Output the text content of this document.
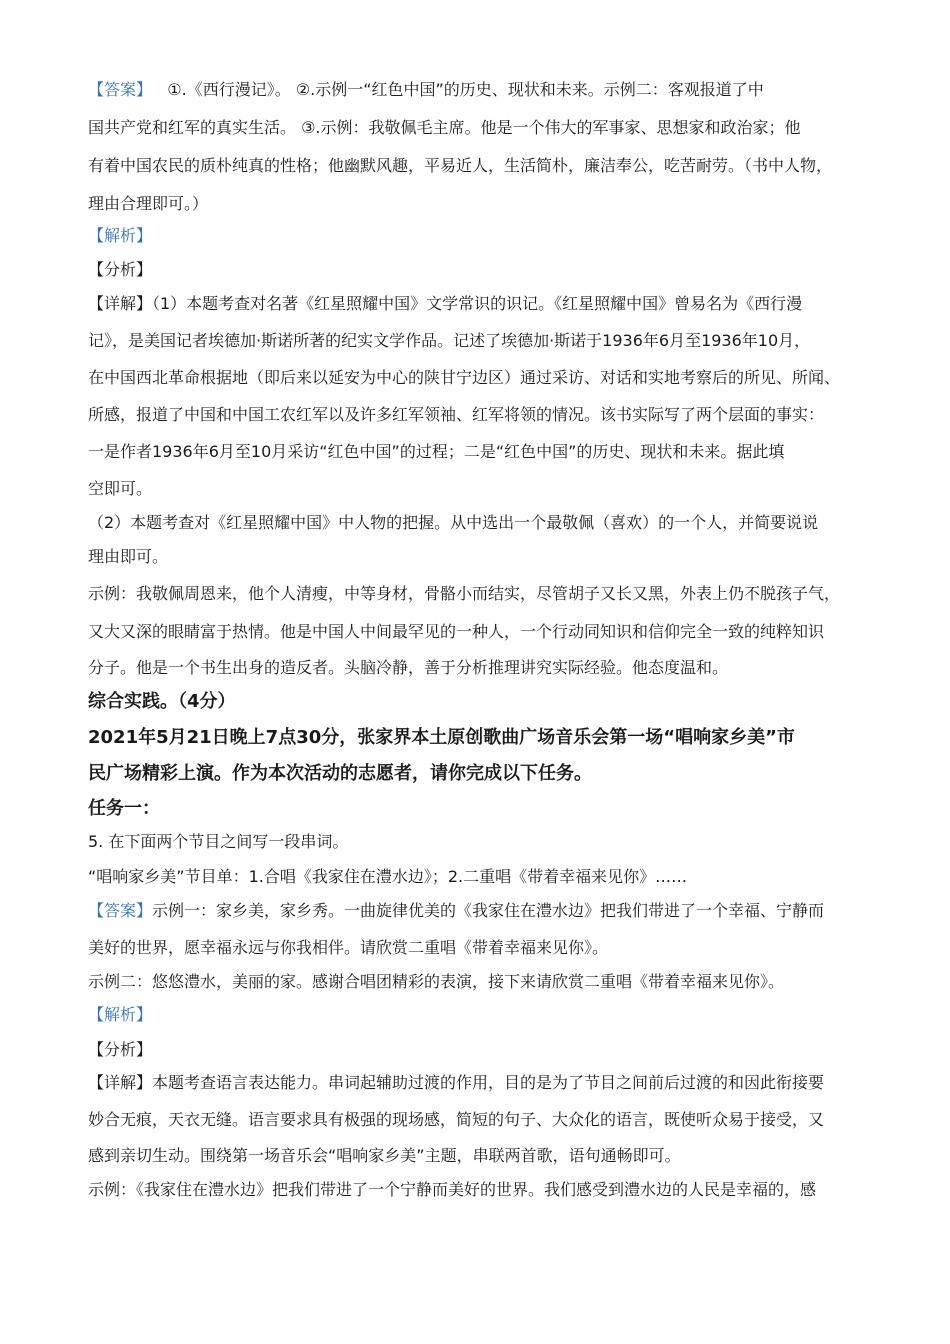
【答案】 ①.《西行漫记》。 ②.示例一“红色中国”的历史、现状和未来。示例二：客观报道了中

国共产党和红军的真实生活。 ③.示例：我敬佩毛主席。他是一个伟大的军事家、思想家和政治家；他

有着中国农民的质朴纯真的性格；他幽默风趣，平易近人，生活简朴，廉洁奉公，吃苦耐劳。（书中人物，

理由合理即可。）

【解析】

【分析】

【详解】（1）本题考查对名著《红星照耀中国》文学常识的识记。《红星照耀中国》曾易名为《西行漫

记》，是美国记者埃德加·斯诺所著的纪实文学作品。记述了埃德加·斯诺于1936年6月至1936年10月，

在中国西北革命根据地（即后来以延安为中心的陕甘宁边区）通过采访、对话和实地考察后的所见、所闻、

所感，报道了中国和中国工农红军以及许多红军领袖、红军将领的情况。该书实际写了两个层面的事实：

一是作者1936年6月至10月采访“红色中国”的过程；二是“红色中国”的历史、现状和未来。据此填

空即可。

（2）本题考查对《红星照耀中国》中人物的把握。从中选出一个最敬佩（喜欢）的一个人，并简要说说

理由即可。

示例：我敬佩周恩来，他个人清瘦，中等身材，骨骼小而结实，尽管胡子又长又黑，外表上仍不脱孩子气，

又大又深的眼睛富于热情。他是中国人中间最罕见的一种人，一个行动同知识和信仰完全一致的纯粹知识

分子。他是一个书生出身的造反者。头脑冷静，善于分析推理讲究实际经验。他态度温和。

综合实践。（4分）

2021年5月21日晚上7点30分，张家界本土原创歌曲广场音乐会第一场“唱响家乡美”市

民广场精彩上演。作为本次活动的志愿者，请你完成以下任务。

任务一：

5. 在下面两个节目之间写一段串词。

“唱响家乡美”节目单：1.合唱《我家住在澧水边》；2.二重唱《带着幸福来见你》……

【答案】示例一：家乡美，家乡秀。一曲旋律优美的《我家住在澧水边》把我们带进了一个幸福、宁静而

美好的世界，愿幸福永远与你我相伴。请欣赏二重唱《带着幸福来见你》。

示例二：悠悠澧水，美丽的家。感谢合唱团精彩的表演，接下来请欣赏二重唱《带着幸福来见你》。

【解析】

【分析】

【详解】本题考查语言表达能力。串词起辅助过渡的作用，目的是为了节目之间前后过渡的和因此衔接要

妙合无痕，天衣无缝。语言要求具有极强的现场感，简短的句子、大众化的语言，既使听众易于接受，又

感到亲切生动。围绕第一场音乐会“唱响家乡美”主题，串联两首歌，语句通畅即可。

示例：《我家住在澧水边》把我们带进了一个宁静而美好的世界。我们感受到澧水边的人民是幸福的，感
